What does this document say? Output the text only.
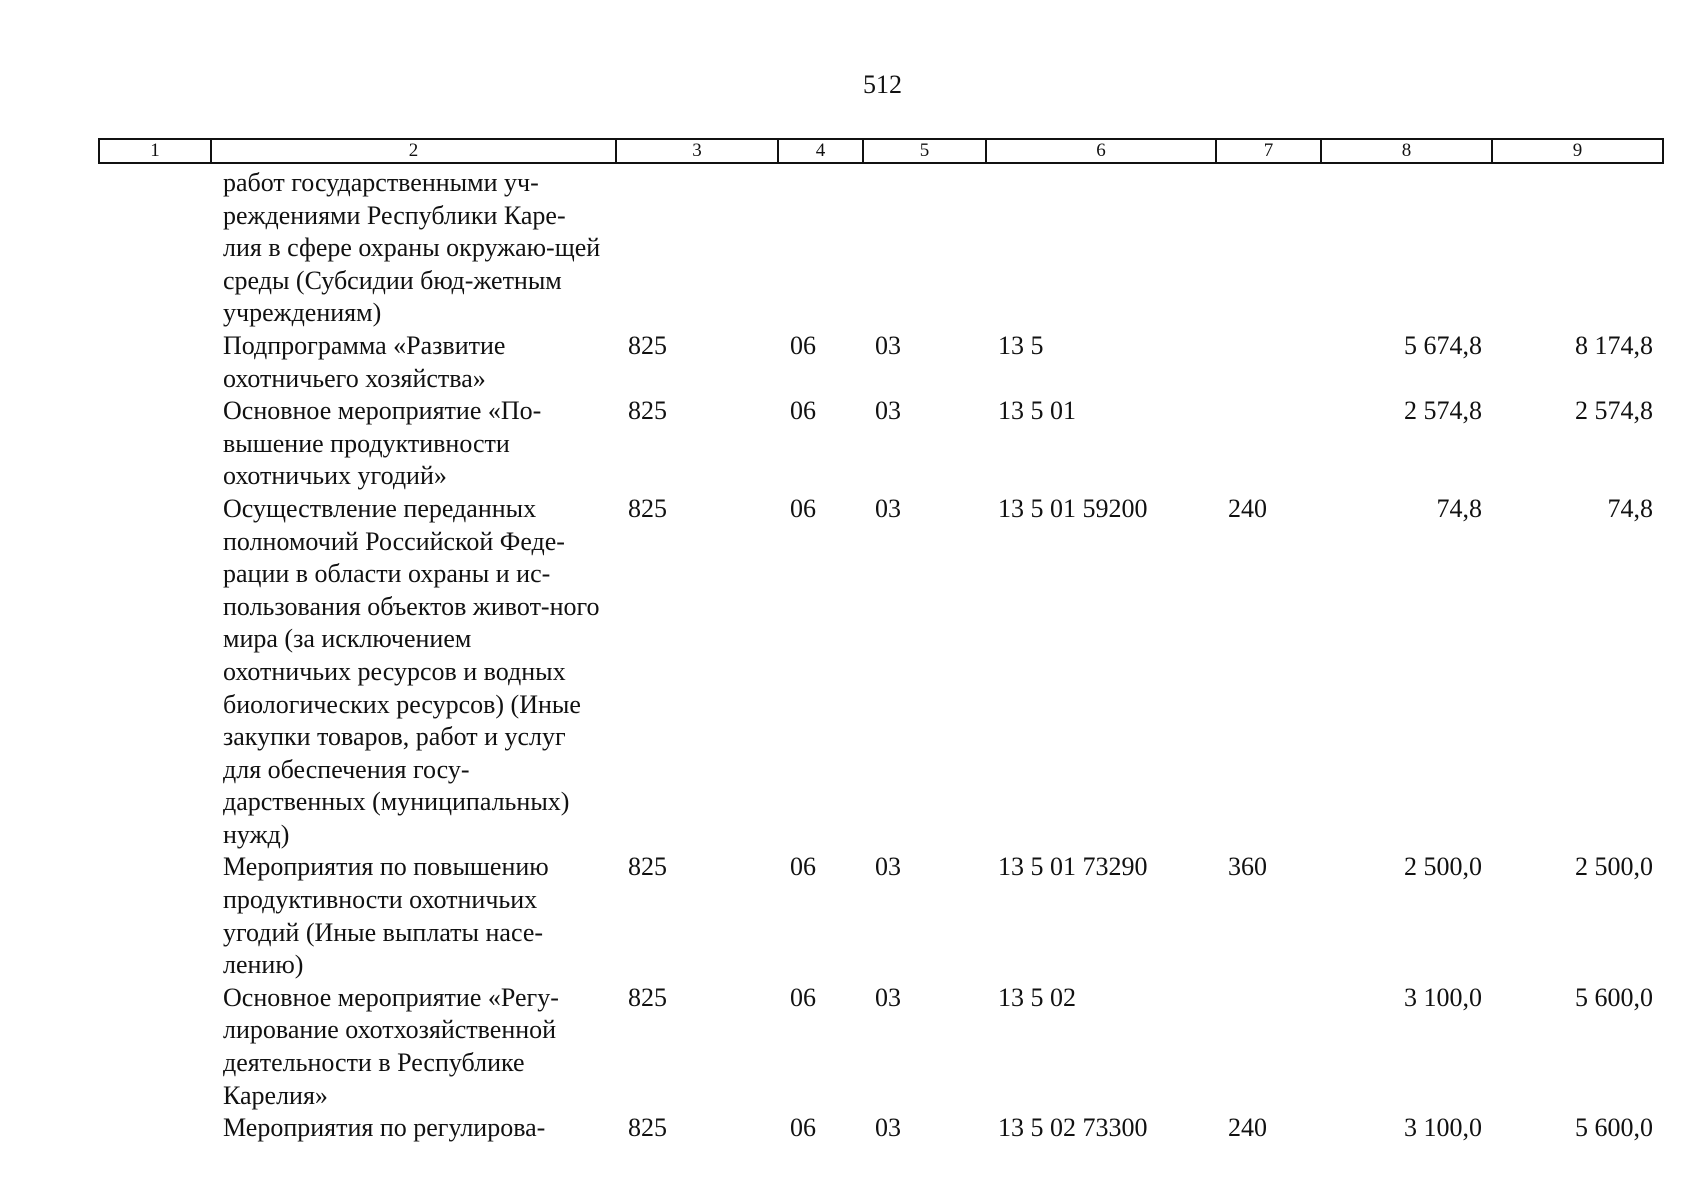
512
1	2	3	4	5	6	7	8	9
	работ государственными уч-реждениями Республики Каре-лия в сфере охраны окружаю-щей среды (Субсидии бюд-жетным учреждениям)							
	Подпрограмма «Развитие охотничьего хозяйства»	825	06	03	13 5		5 674,8	8 174,8
	Основное мероприятие «По-вышение продуктивности охотничьих угодий»	825	06	03	13 5 01		2 574,8	2 574,8
	Осуществление переданных полномочий Российской Феде-рации в области охраны и ис-пользования объектов живот-ного мира (за исключением охотничьих ресурсов и водных биологических ресурсов) (Иные закупки товаров, работ и услуг для обеспечения госу-дарственных (муниципальных) нужд)	825	06	03	13 5 01 59200	240	74,8	74,8
	Мероприятия по повышению продуктивности охотничьих угодий (Иные выплаты насе-лению)	825	06	03	13 5 01 73290	360	2 500,0	2 500,0
	Основное мероприятие «Регу-лирование охотхозяйственной деятельности в Республике Карелия»	825	06	03	13 5 02		3 100,0	5 600,0
	Мероприятия по регулирова-	825	06	03	13 5 02 73300	240	3 100,0	5 600,0
